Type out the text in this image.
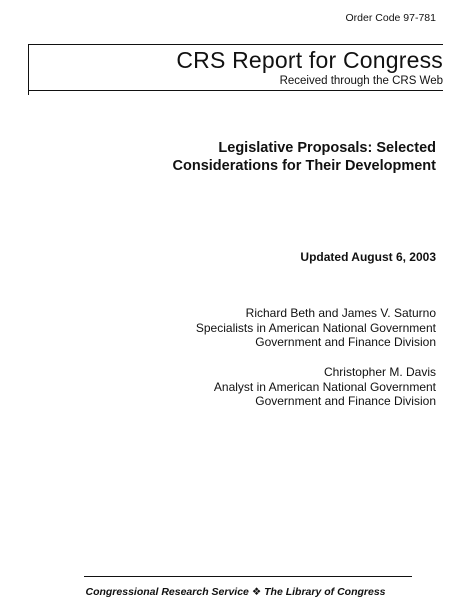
Order Code 97-781
CRS Report for Congress
Received through the CRS Web
Legislative Proposals: Selected
Considerations for Their Development
Updated August 6, 2003
Richard Beth and James V. Saturno
Specialists in American National Government
Government and Finance Division
Christopher M. Davis
Analyst in American National Government
Government and Finance Division
Congressional Research Service ❖ The Library of Congress
